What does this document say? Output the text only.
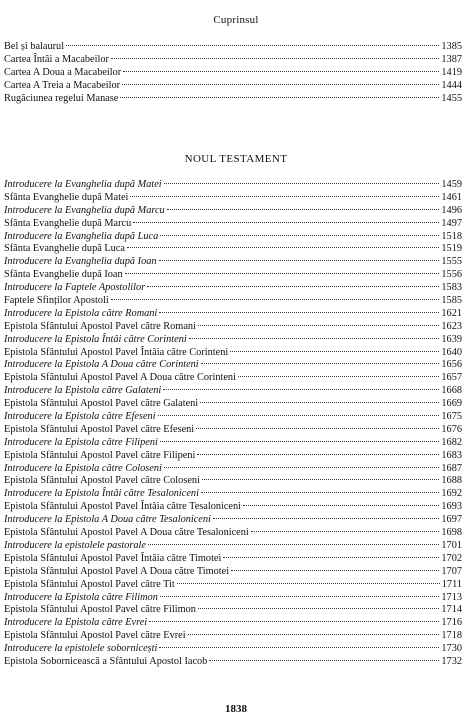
Cuprinsul
Bel și balaurul	1385
Cartea Întâi a Macabeilor	1387
Cartea A Doua a Macabeilor	1419
Cartea A Treia a Macabeilor	1444
Rugăciunea regelui Manase	1455
NOUL TESTAMENT
Introducere la Evanghelia după Matei	1459
Sfânta Evanghelie după Matei	1461
Introducere la Evanghelia după Marcu	1496
Sfânta Evanghelie după Marcu	1497
Introducere la Evanghelia după Luca	1518
Sfânta Evanghelie după Luca	1519
Introducere la Evanghelia după Ioan	1555
Sfânta Evanghelie după Ioan	1556
Introducere la Faptele Apostolilor	1583
Faptele Sfinților Apostoli	1585
Introducere la Epistola către Romani	1621
Epistola Sfântului Apostol Pavel către Romani	1623
Introducere la Epistola Întâi către Corinteni	1639
Epistola Sfântului Apostol Pavel Întâia către Corinteni	1640
Introducere la Epistola A Doua către Corinteni	1656
Epistola Sfântului Apostol Pavel A Doua către Corinteni	1657
Introducere la Epistola către Galateni	1668
Epistola Sfântului Apostol Pavel către Galateni	1669
Introducere la Epistola către Efeseni	1675
Epistola Sfântului Apostol Pavel către Efeseni	1676
Introducere la Epistola către Filipeni	1682
Epistola Sfântului Apostol Pavel către Filipeni	1683
Introducere la Epistola către Coloseni	1687
Epistola Sfântului Apostol Pavel către Coloseni	1688
Introducere la Epistola Întâi către Tesaloniceni	1692
Epistola Sfântului Apostol Pavel Întâia către Tesaloniceni	1693
Introducere la Epistola A Doua către Tesaloniceni	1697
Epistola Sfântului Apostol Pavel A Doua către Tesaloniceni	1698
Introducere la epistolele pastorale	1701
Epistola Sfântului Apostol Pavel Întâia către Timotei	1702
Epistola Sfântului Apostol Pavel A Doua către Timotei	1707
Epistola Sfântului Apostol Pavel către Tit	1711
Introducere la Epistola către Filimon	1713
Epistola Sfântului Apostol Pavel către Filimon	1714
Introducere la Epistola către Evrei	1716
Epistola Sfântului Apostol Pavel către Evrei	1718
Introducere la epistolele sobornicești	1730
Epistola Sobornicească a Sfântului Apostol Iacob	1732
1838
